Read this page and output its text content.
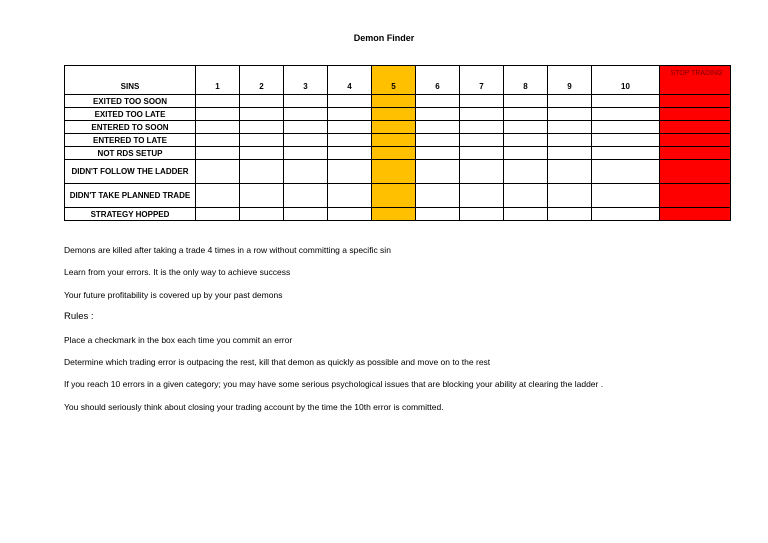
Demon Finder
SINS	1	2	3	4	5	6	7	8	9	10	STOP TRADING
EXITED TOO SOON											
EXITED TOO LATE											
ENTERED TO SOON											
ENTERED TO LATE											
NOT RDS SETUP											
DIDN'T FOLLOW THE LADDER											
DIDN'T TAKE PLANNED TRADE											
STRATEGY HOPPED											

Demons are killed after taking a trade 4 times in a row without committing a specific sin

Learn from your errors. It is the only way to achieve success

Your future profitability is covered up by your past demons

Rules :

Place a checkmark in the box each time you commit an error

Determine which trading error is outpacing the rest, kill that demon as quickly as possible and move on to the rest

If you reach 10 errors in a given category; you may have some serious psychological issues that are blocking your ability at clearing the ladder .

You should seriously think about closing your trading account by the time the 10th error is committed.
